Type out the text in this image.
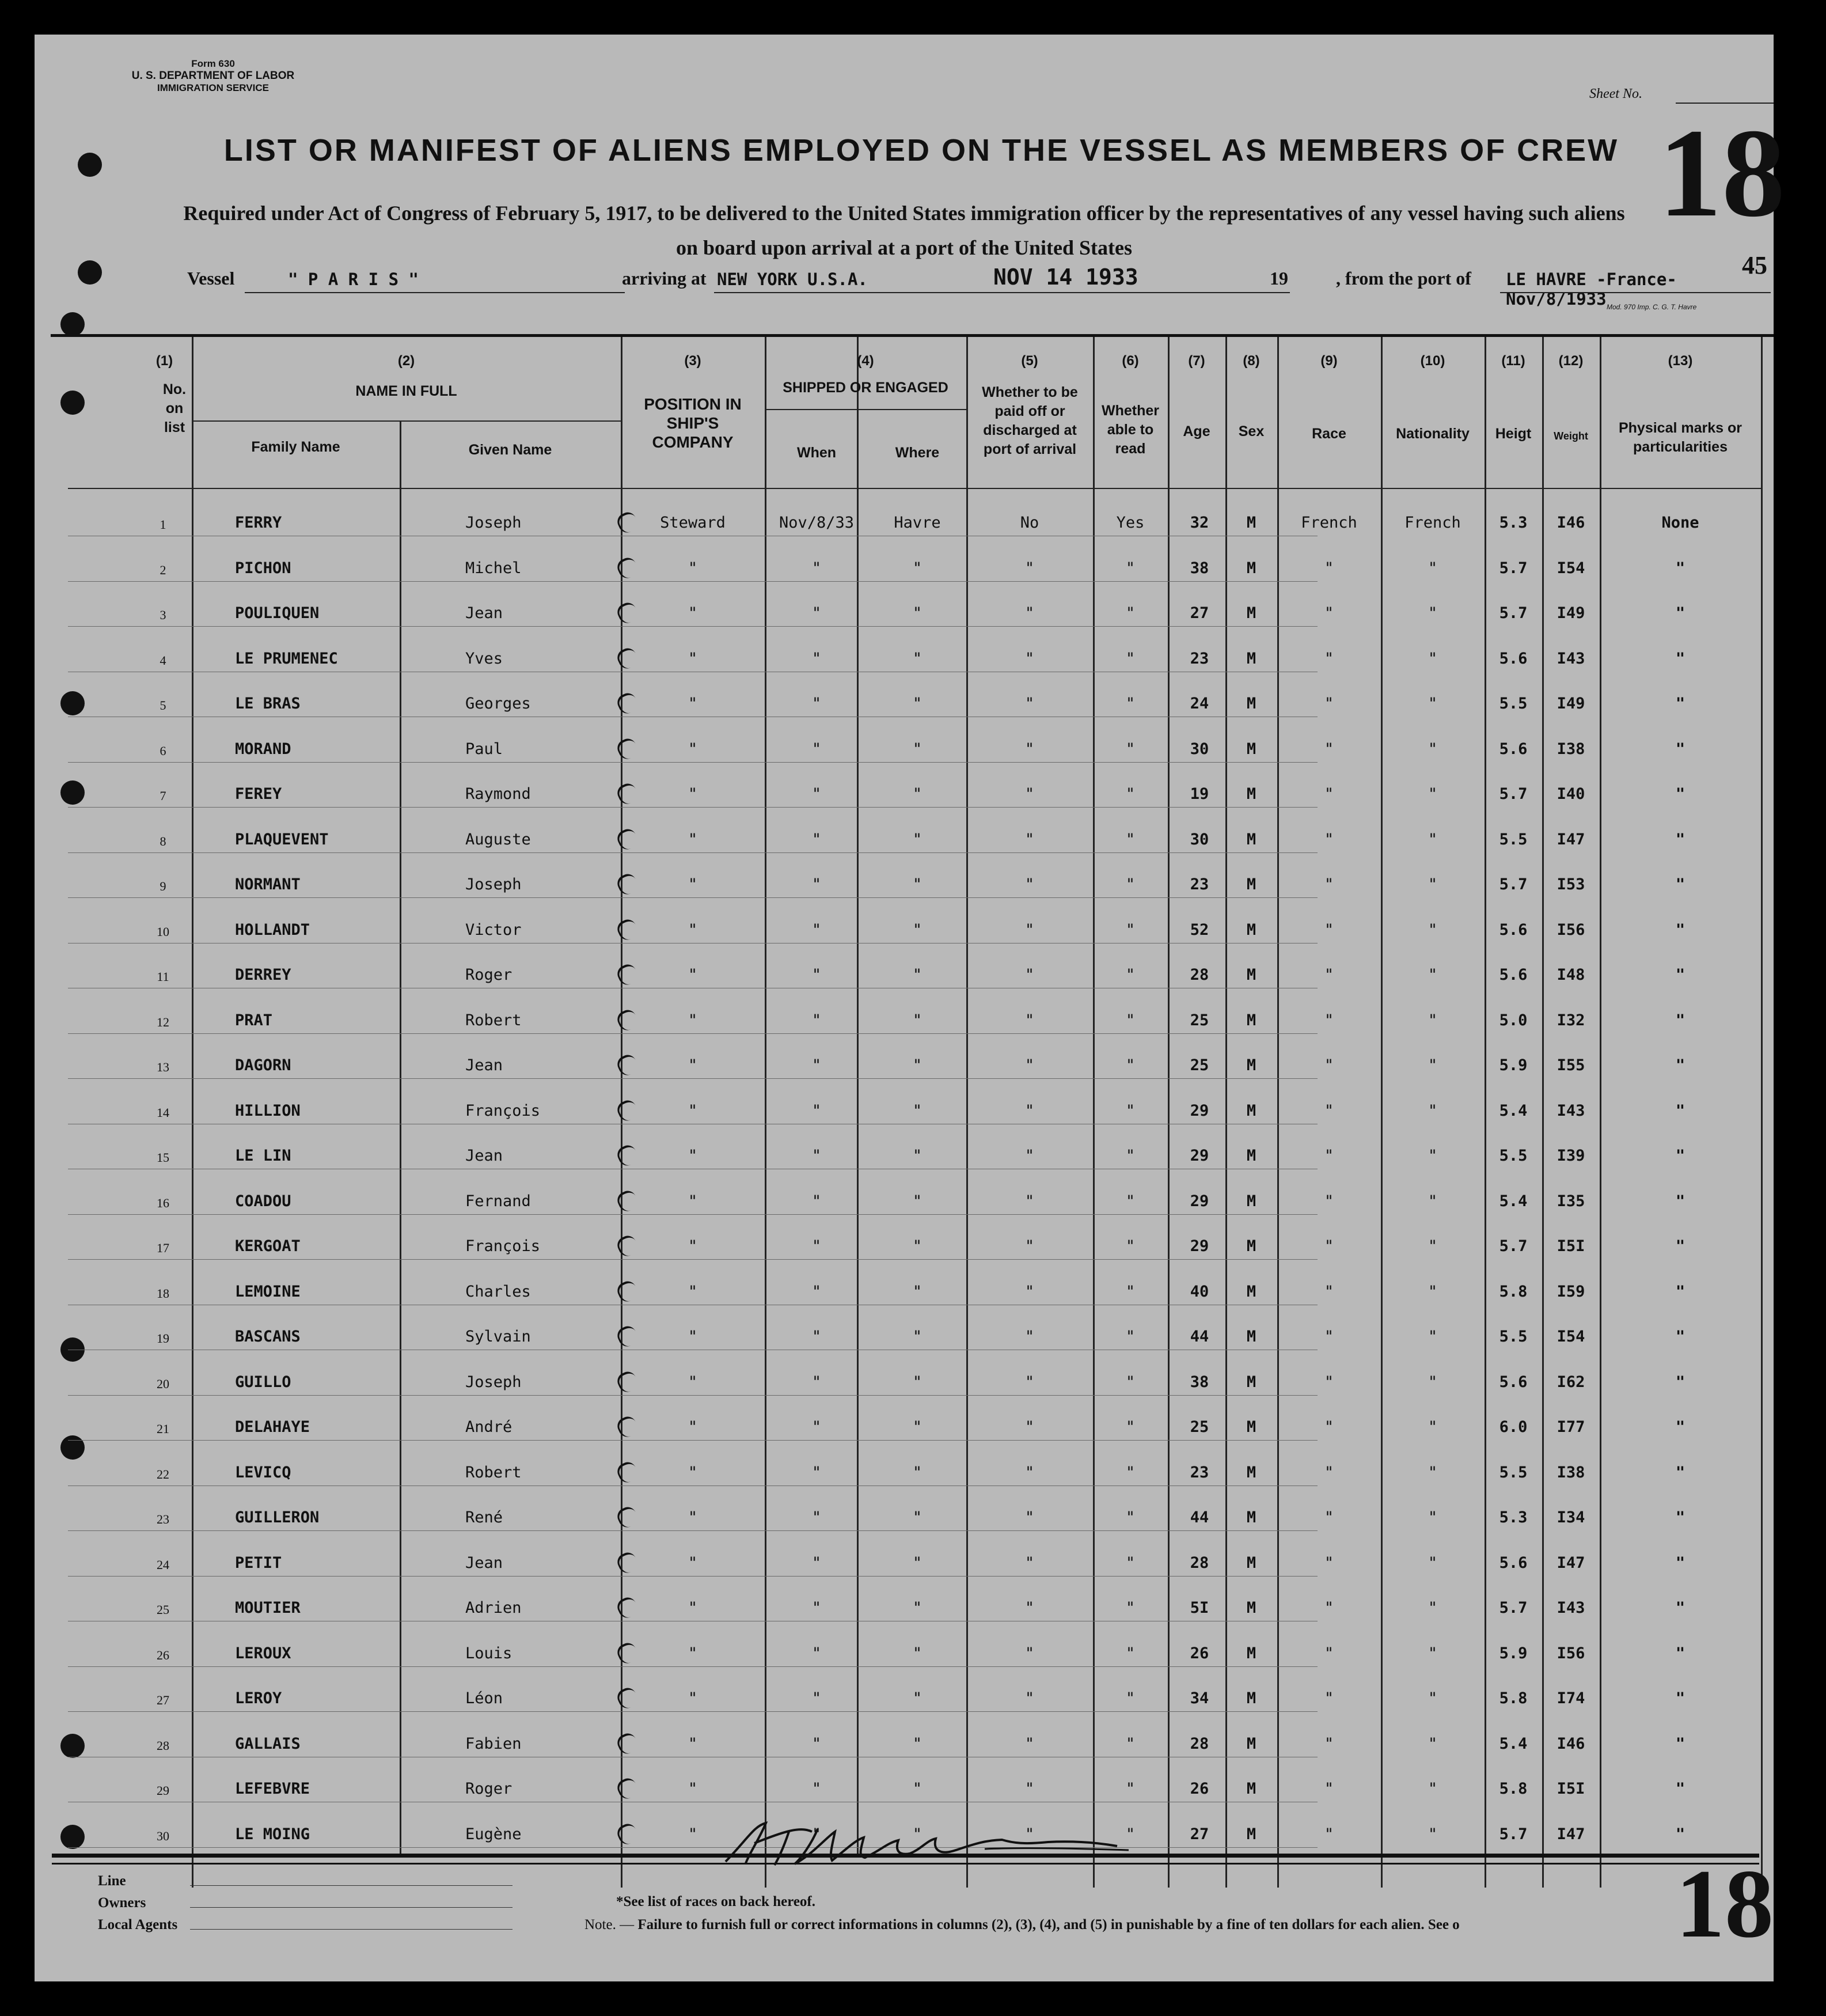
Form 630
U. S. DEPARTMENT OF LABOR
IMMIGRATION SERVICE	Sheet No.
18
LIST OR MANIFEST OF ALIENS EMPLOYED ON THE VESSEL AS MEMBERS OF CREW
Required under Act of Congress of February 5, 1917, to be delivered to the United States immigration officer by the representatives of any vessel having such aliens
on board upon arrival at a port of the United States
45
Vessel	" P A R I S "	arriving at NEW YORK U.S.A.	NOV 14 1933	19	, from the port of LE HAVRE -France- Nov/8/1933 Mod. 970 Imp. C. G. T. Havre
(1)	(2)	(3)	(4)	(5)	(6)	(7)	(8)	(9)	(10)	(11)	(12)	(13)
No. on list
NAME IN FULL
Family Name	Given Name
POSITION IN SHIP'S COMPANY
SHIPPED OR ENGAGED
When	Where
Whether to be paid off or discharged at port of arrival
Whether able to read
Age	Sex	Race	Nationality	Heigt	Weight	Physical marks or particularities
1	FERRY	Joseph	Steward	Nov/8/33	Havre	No	Yes	32	M	French	French	5.3	I46	None
2	PICHON	Michel	"	"	"	"	"	38	M	"	"	5.7	I54	"
3	POULIQUEN	Jean	"	"	"	"	"	27	M	"	"	5.7	I49	"
4	LE PRUMENEC	Yves	"	"	"	"	"	23	M	"	"	5.6	I43	"
5	LE BRAS	Georges	"	"	"	"	"	24	M	"	"	5.5	I49	"
6	MORAND	Paul	"	"	"	"	"	30	M	"	"	5.6	I38	"
7	FEREY	Raymond	"	"	"	"	"	19	M	"	"	5.7	I40	"
8	PLAQUEVENT	Auguste	"	"	"	"	"	30	M	"	"	5.5	I47	"
9	NORMANT	Joseph	"	"	"	"	"	23	M	"	"	5.7	I53	"
10	HOLLANDT	Victor	"	"	"	"	"	52	M	"	"	5.6	I56	"
11	DERREY	Roger	"	"	"	"	"	28	M	"	"	5.6	I48	"
12	PRAT	Robert	"	"	"	"	"	25	M	"	"	5.0	I32	"
13	DAGORN	Jean	"	"	"	"	"	25	M	"	"	5.9	I55	"
14	HILLION	François	"	"	"	"	"	29	M	"	"	5.4	I43	"
15	LE LIN	Jean	"	"	"	"	"	29	M	"	"	5.5	I39	"
16	COADOU	Fernand	"	"	"	"	"	29	M	"	"	5.4	I35	"
17	KERGOAT	François	"	"	"	"	"	29	M	"	"	5.7	I5I	"
18	LEMOINE	Charles	"	"	"	"	"	40	M	"	"	5.8	I59	"
19	BASCANS	Sylvain	"	"	"	"	"	44	M	"	"	5.5	I54	"
20	GUILLO	Joseph	"	"	"	"	"	38	M	"	"	5.6	I62	"
21	DELAHAYE	André	"	"	"	"	"	25	M	"	"	6.0	I77	"
22	LEVICQ	Robert	"	"	"	"	"	23	M	"	"	5.5	I38	"
23	GUILLERON	René	"	"	"	"	"	44	M	"	"	5.3	I34	"
24	PETIT	Jean	"	"	"	"	"	28	M	"	"	5.6	I47	"
25	MOUTIER	Adrien	"	"	"	"	"	5I	M	"	"	5.7	I43	"
26	LEROUX	Louis	"	"	"	"	"	26	M	"	"	5.9	I56	"
27	LEROY	Léon	"	"	"	"	"	34	M	"	"	5.8	I74	"
28	GALLAIS	Fabien	"	"	"	"	"	28	M	"	"	5.4	I46	"
29	LEFEBVRE	Roger	"	"	"	"	"	26	M	"	"	5.8	I5I	"
30	LE MOING	Eugène	"	"	"	"	"	27	M	"	"	5.7	I47	"
Line
Owners
Local Agents
*See list of races on back hereof.
Note. — Failure to furnish full or correct informations in columns (2), (3), (4), and (5) in punishable by a fine of ten dollars for each alien. See o 18
